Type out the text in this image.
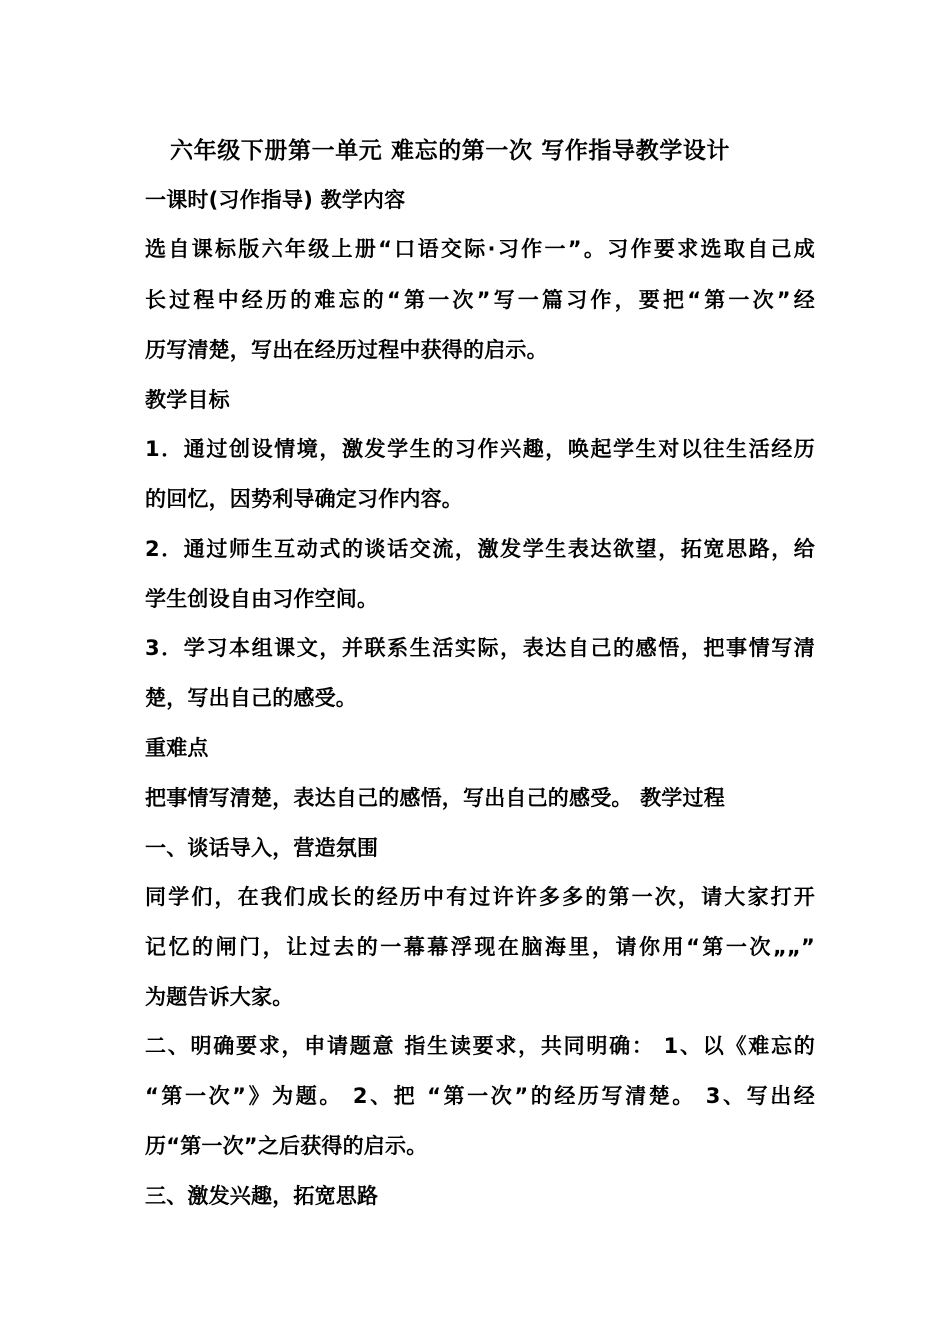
六年级下册第一单元 难忘的第一次 写作指导教学设计
一课时(习作指导) 教学内容
选自课标版六年级上册“口语交际·习作一”。习作要求选取自己成
长过程中经历的难忘的“第一次”写一篇习作，要把“第一次”经
历写清楚，写出在经历过程中获得的启示。
教学目标
1．通过创设情境，激发学生的习作兴趣，唤起学生对以往生活经历
的回忆，因势利导确定习作内容。
2．通过师生互动式的谈话交流，激发学生表达欲望，拓宽思路，给
学生创设自由习作空间。
3．学习本组课文，并联系生活实际，表达自己的感悟，把事情写清
楚，写出自己的感受。
重难点
把事情写清楚，表达自己的感悟，写出自己的感受。 教学过程
一、谈话导入，营造氛围
同学们，在我们成长的经历中有过许许多多的第一次，请大家打开
记忆的闸门，让过去的一幕幕浮现在脑海里，请你用“第一次„„”
为题告诉大家。
二、明确要求，申请题意 指生读要求，共同明确： 1、以《难忘的
“第一次”》为题。 2、把 “第一次”的经历写清楚。 3、写出经
历“第一次”之后获得的启示。
三、激发兴趣，拓宽思路
